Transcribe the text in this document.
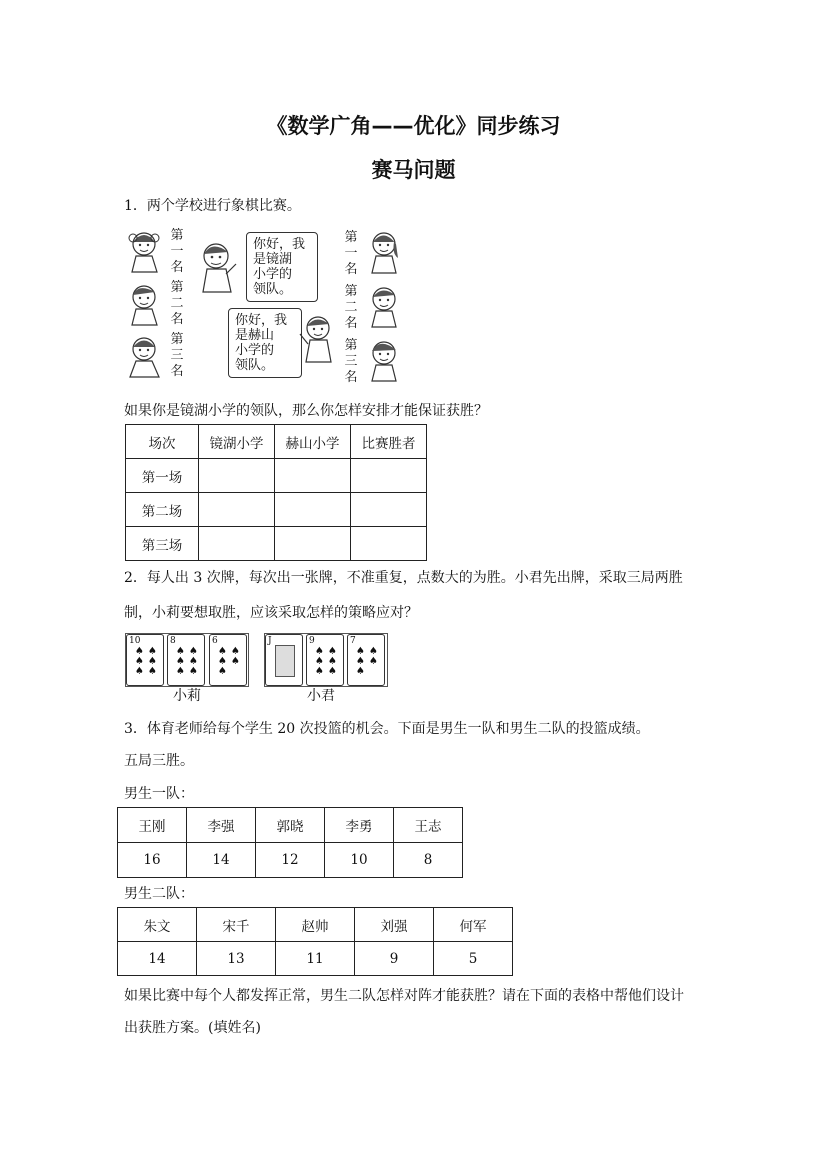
《数学广角——优化》同步练习
赛马问题
1．两个学校进行象棋比赛。
第
一
名
第
二
名
第
三
名
你好，我
是镜湖
小学的
领队。
你好，我
是赫山
小学的
领队。
第
一
名
第
二
名
第
三
名
如果你是镜湖小学的领队，那么你怎样安排才能保证获胜？
场次	镜湖小学	赫山小学	比赛胜者
第一场			
第二场			
第三场			
2．每人出 3 次牌，每次出一张牌，不准重复，点数大的为胜。小君先出牌，采取三局两胜
制，小莉要想取胜，应该采取怎样的策略应对？
10
♠♠
♠♠
♠♠
8
♠♠
♠♠
♠♠
6
♠♠
♠♠
♠
小莉
J	9
♠♠
♠♠
♠♠
7
♠♠
♠♠
♠
小君
3．体育老师给每个学生 20 次投篮的机会。下面是男生一队和男生二队的投篮成绩。
五局三胜。
男生一队：
王刚	李强	郭晓	李勇	王志
16	14	12	10	8
男生二队：
朱文	宋千	赵帅	刘强	何军
14	13	11	9	5
如果比赛中每个人都发挥正常，男生二队怎样对阵才能获胜？请在下面的表格中帮他们设计
出获胜方案。(填姓名)
